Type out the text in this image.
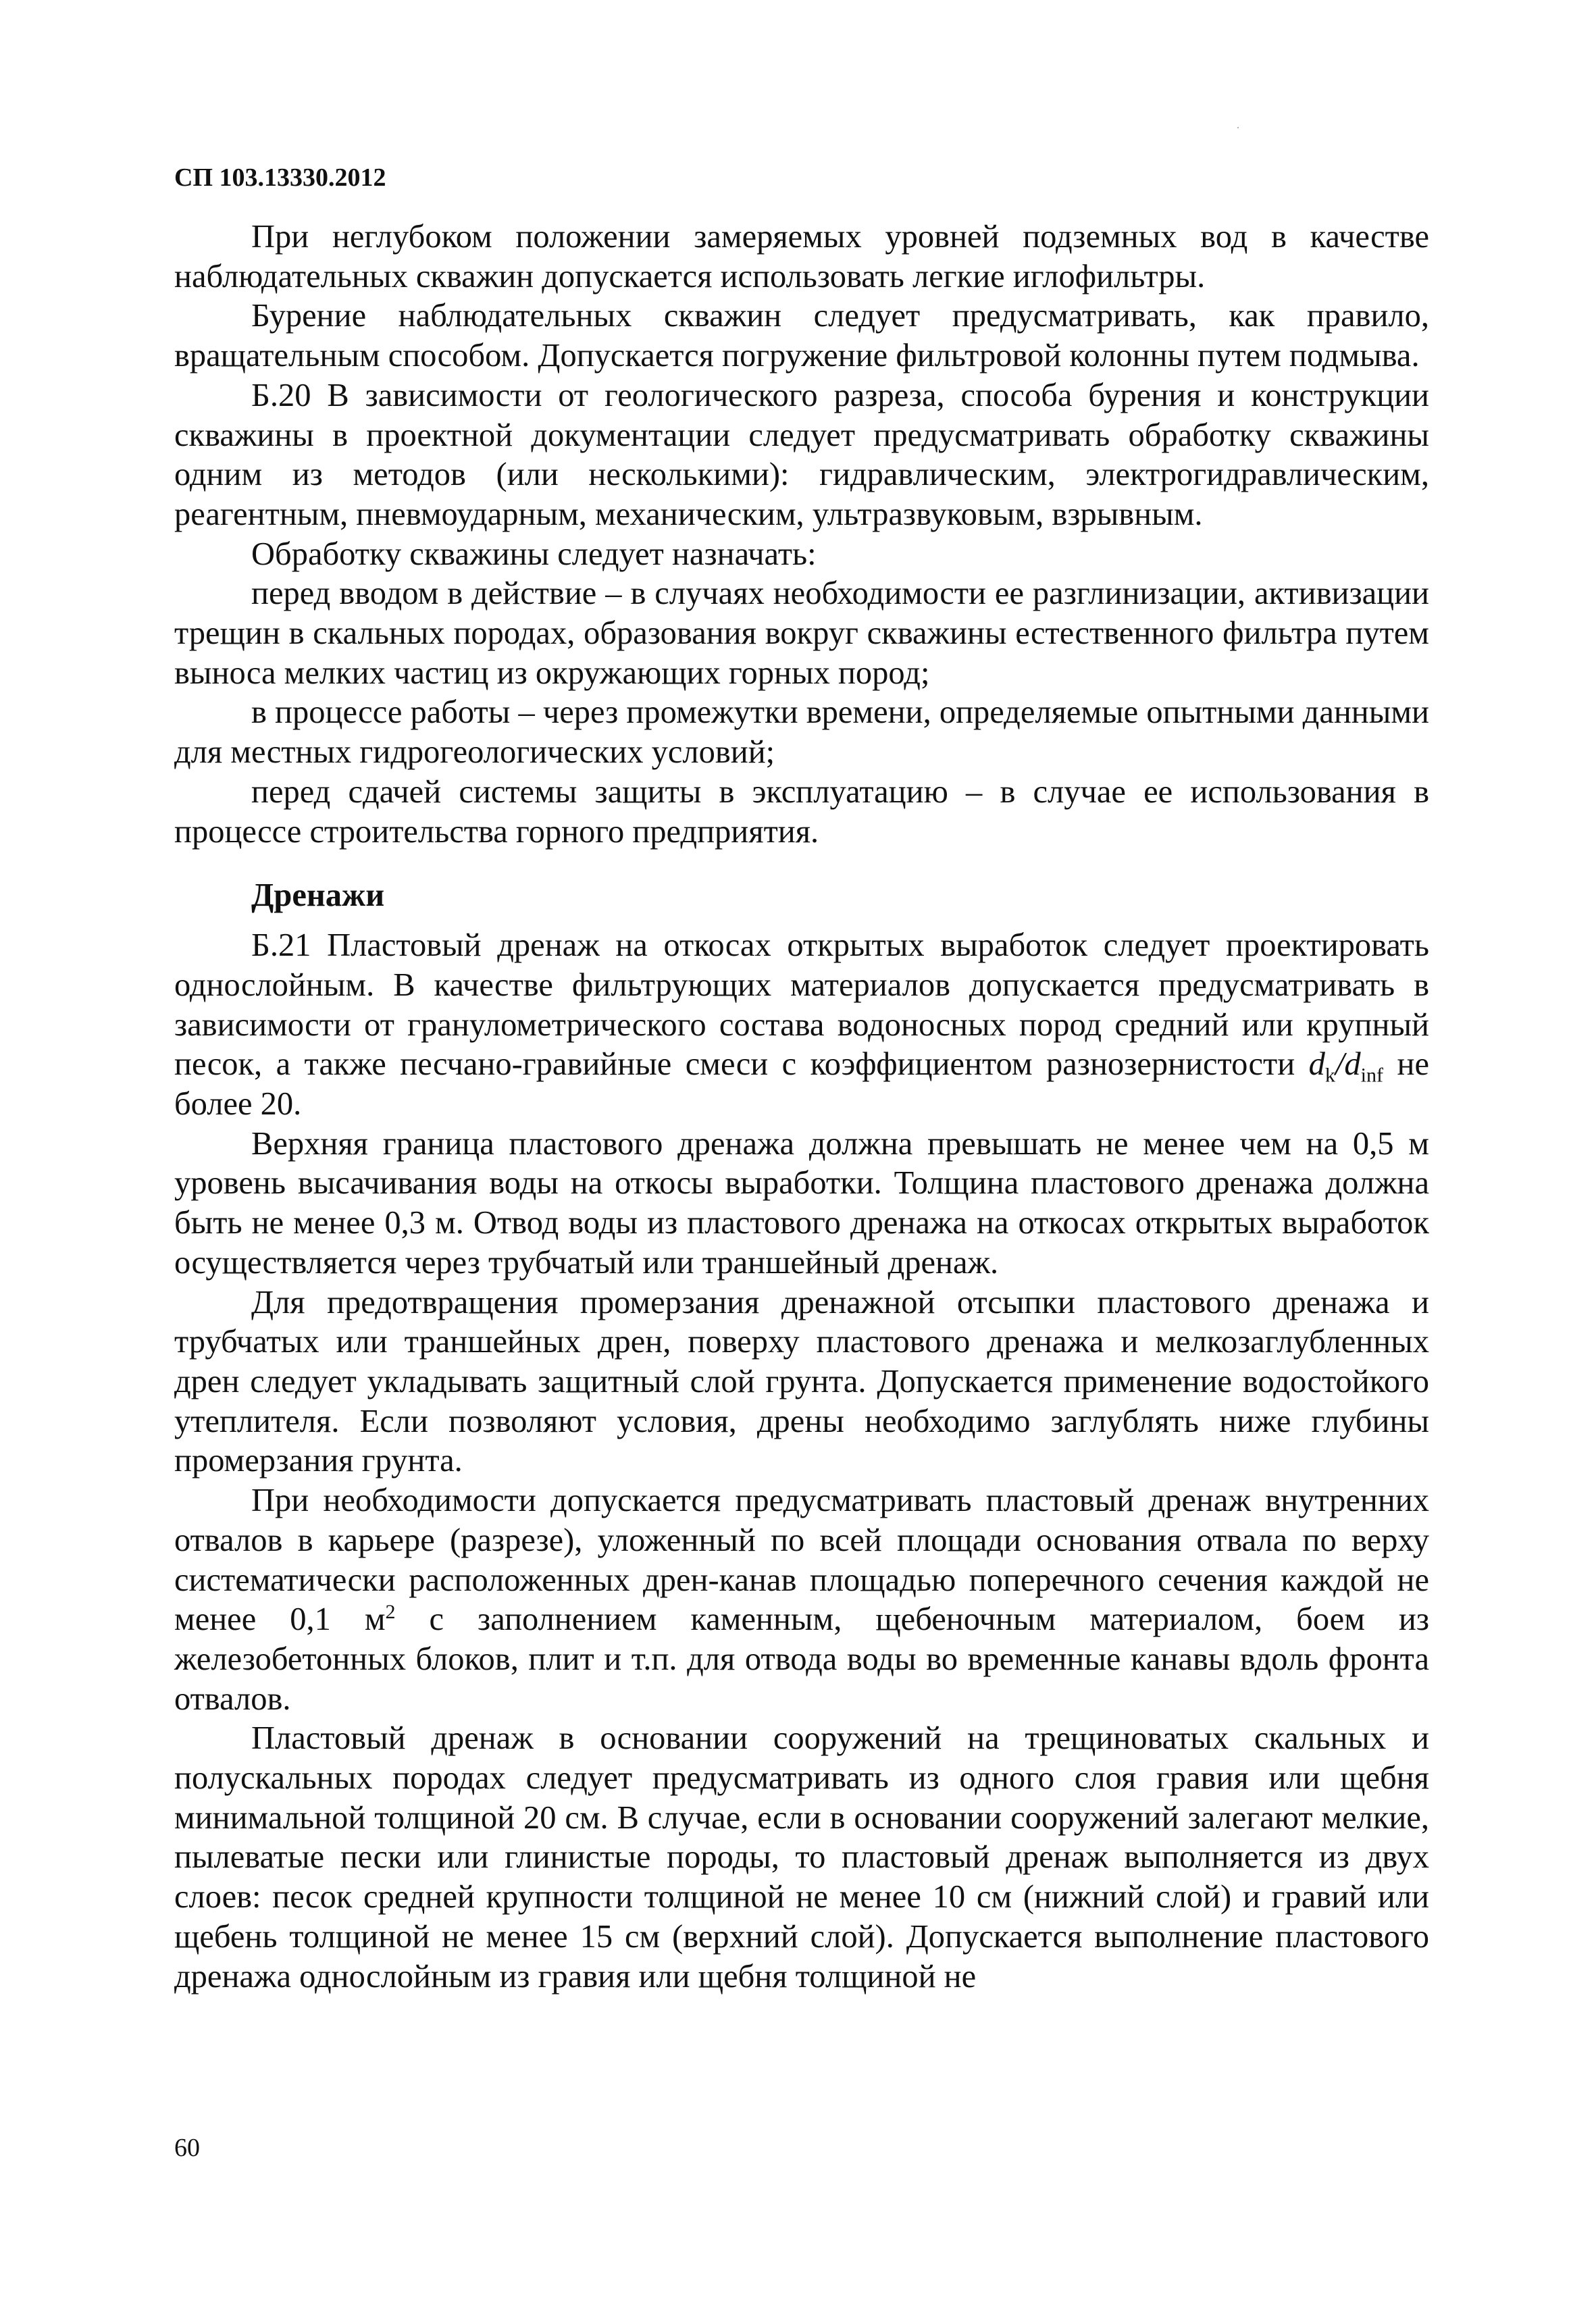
СП 103.13330.2012

При неглубоком положении замеряемых уровней подземных вод в качестве наблюдательных скважин допускается использовать легкие иглофильтры.

Бурение наблюдательных скважин следует предусматривать, как правило, вращательным способом. Допускается погружение фильтровой колонны путем подмыва.

Б.20 В зависимости от геологического разреза, способа бурения и конструкции скважины в проектной документации следует предусматривать обработку скважины одним из методов (или несколькими): гидравлическим, электрогидравлическим, реагентным, пневмоударным, механическим, ультразвуковым, взрывным.

Обработку скважины следует назначать:

перед вводом в действие – в случаях необходимости ее разглинизации, активизации трещин в скальных породах, образования вокруг скважины естественного фильтра путем выноса мелких частиц из окружающих горных пород;

в процессе работы – через промежутки времени, определяемые опытными данными для местных гидрогеологических условий;

перед сдачей системы защиты в эксплуатацию – в случае ее использования в процессе строительства горного предприятия.

Дренажи

Б.21 Пластовый дренаж на откосах открытых выработок следует проектировать однослойным. В качестве фильтрующих материалов допускается предусматривать в зависимости от гранулометрического состава водоносных пород средний или крупный песок, а также песчано-гравийные смеси с коэффициентом разнозернистости $d_k/d_{inf}$ не более 20.

Верхняя граница пластового дренажа должна превышать не менее чем на 0,5 м уровень высачивания воды на откосы выработки. Толщина пластового дренажа должна быть не менее 0,3 м. Отвод воды из пластового дренажа на откосах открытых выработок осуществляется через трубчатый или траншейный дренаж.

Для предотвращения промерзания дренажной отсыпки пластового дренажа и трубчатых или траншейных дрен, поверху пластового дренажа и мелкозаглубленных дрен следует укладывать защитный слой грунта. Допускается применение водостойкого утеплителя. Если позволяют условия, дрены необходимо заглублять ниже глубины промерзания грунта.

При необходимости допускается предусматривать пластовый дренаж внутренних отвалов в карьере (разрезе), уложенный по всей площади основания отвала по верху систематически расположенных дрен-канав площадью поперечного сечения каждой не менее 0,1 $м^2$ с заполнением каменным, щебеночным материалом, боем из железобетонных блоков, плит и т.п. для отвода воды во временные канавы вдоль фронта отвалов.

Пластовый дренаж в основании сооружений на трещиноватых скальных и полускальных породах следует предусматривать из одного слоя гравия или щебня минимальной толщиной 20 см. В случае, если в основании сооружений залегают мелкие, пылеватые пески или глинистые породы, то пластовый дренаж выполняется из двух слоев: песок средней крупности толщиной не менее 10 см (нижний слой) и гравий или щебень толщиной не менее 15 см (верхний слой). Допускается выполнение пластового дренажа однослойным из гравия или щебня толщиной не

60
